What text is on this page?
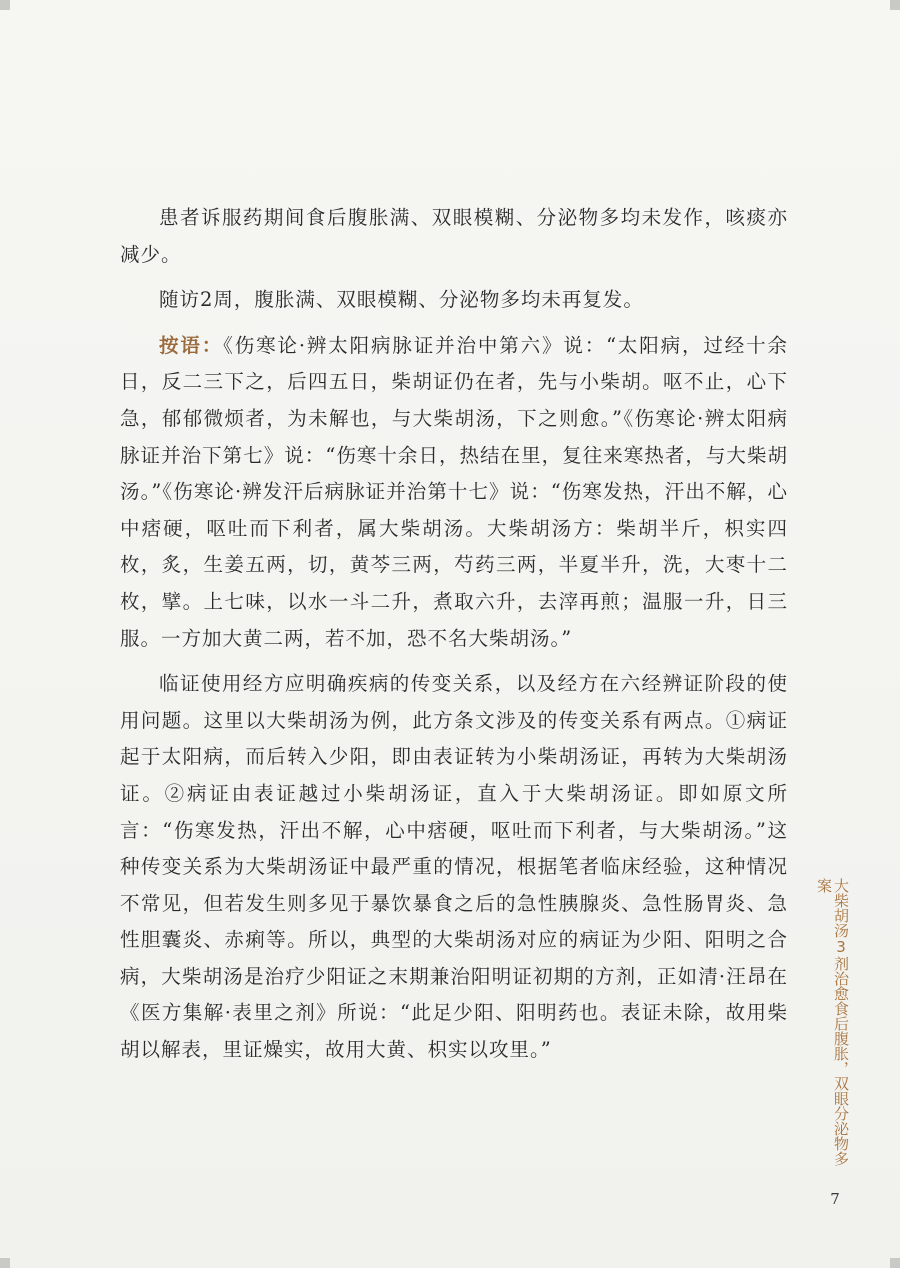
患者诉服药期间食后腹胀满、双眼模糊、分泌物多均未发作，咳痰亦减少。

随访2周，腹胀满、双眼模糊、分泌物多均未再复发。

按语：《伤寒论·辨太阳病脉证并治中第六》说：“太阳病，过经十余日，反二三下之，后四五日，柴胡证仍在者，先与小柴胡。呕不止，心下急，郁郁微烦者，为未解也，与大柴胡汤，下之则愈。”《伤寒论·辨太阳病脉证并治下第七》说：“伤寒十余日，热结在里，复往来寒热者，与大柴胡汤。”《伤寒论·辨发汗后病脉证并治第十七》说：“伤寒发热，汗出不解，心中痞硬，呕吐而下利者，属大柴胡汤。大柴胡汤方：柴胡半斤，枳实四枚，炙，生姜五两，切，黄芩三两，芍药三两，半夏半升，洗，大枣十二枚，擘。上七味，以水一斗二升，煮取六升，去滓再煎；温服一升，日三服。一方加大黄二两，若不加，恐不名大柴胡汤。”

临证使用经方应明确疾病的传变关系，以及经方在六经辨证阶段的使用问题。这里以大柴胡汤为例，此方条文涉及的传变关系有两点。①病证起于太阳病，而后转入少阳，即由表证转为小柴胡汤证，再转为大柴胡汤证。②病证由表证越过小柴胡汤证，直入于大柴胡汤证。即如原文所言：“伤寒发热，汗出不解，心中痞硬，呕吐而下利者，与大柴胡汤。”这种传变关系为大柴胡汤证中最严重的情况，根据笔者临床经验，这种情况不常见，但若发生则多见于暴饮暴食之后的急性胰腺炎、急性肠胃炎、急性胆囊炎、赤痢等。所以，典型的大柴胡汤对应的病证为少阳、阳明之合病，大柴胡汤是治疗少阳证之末期兼治阳明证初期的方剂，正如清·汪昂在《医方集解·表里之剂》所说：“此足少阳、阳明药也。表证未除，故用柴胡以解表，里证燥实，故用大黄、枳实以攻里。”	大柴胡汤3剂治愈食后腹胀，双眼分泌物多案
7
